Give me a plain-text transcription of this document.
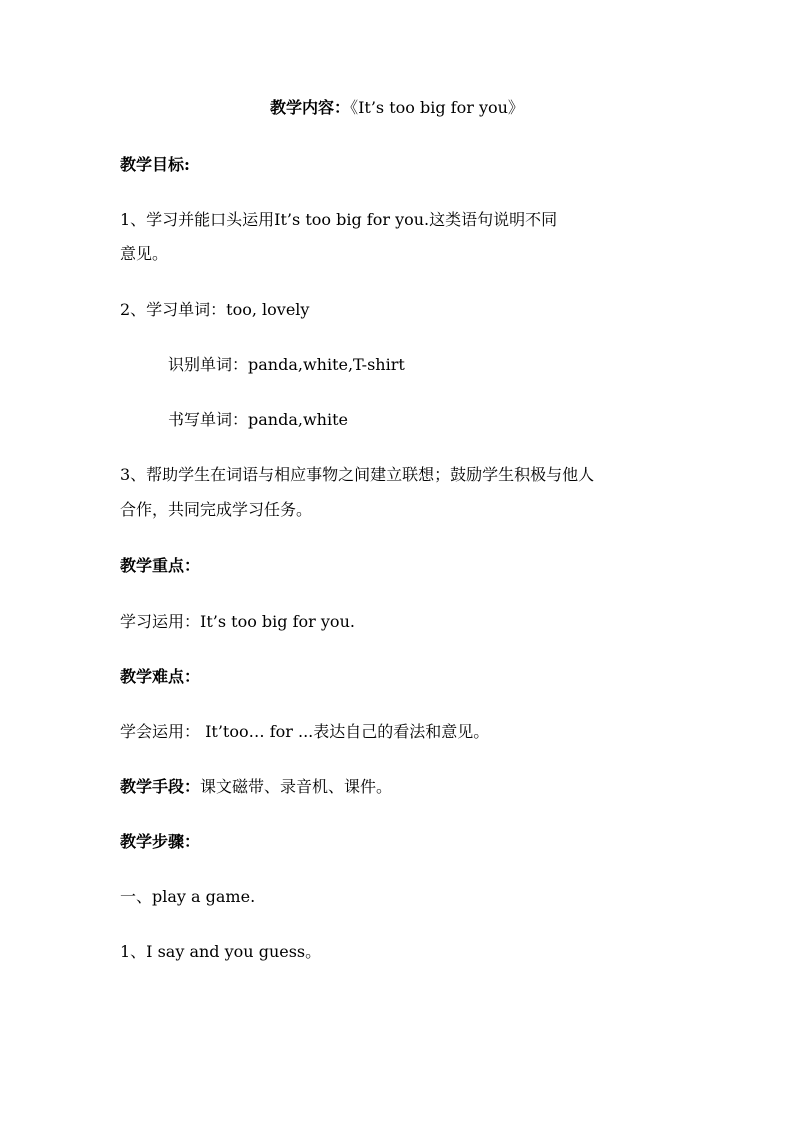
教学内容：《It’s too big for you》
教学目标:
1、学习并能口头运用It’s too big for you.这类语句说明不同
意见。
2、学习单词：too, lovely
识别单词：panda,white,T-shirt
书写单词：panda,white
3、帮助学生在词语与相应事物之间建立联想；鼓励学生积极与他人
合作，共同完成学习任务。
教学重点：
学习运用：It’s too big for you.
教学难点：
学会运用： It’too… for ...表达自己的看法和意见。
教学手段：课文磁带、录音机、课件。
教学步骤：
一、play a game.
1、I say and you guess。
